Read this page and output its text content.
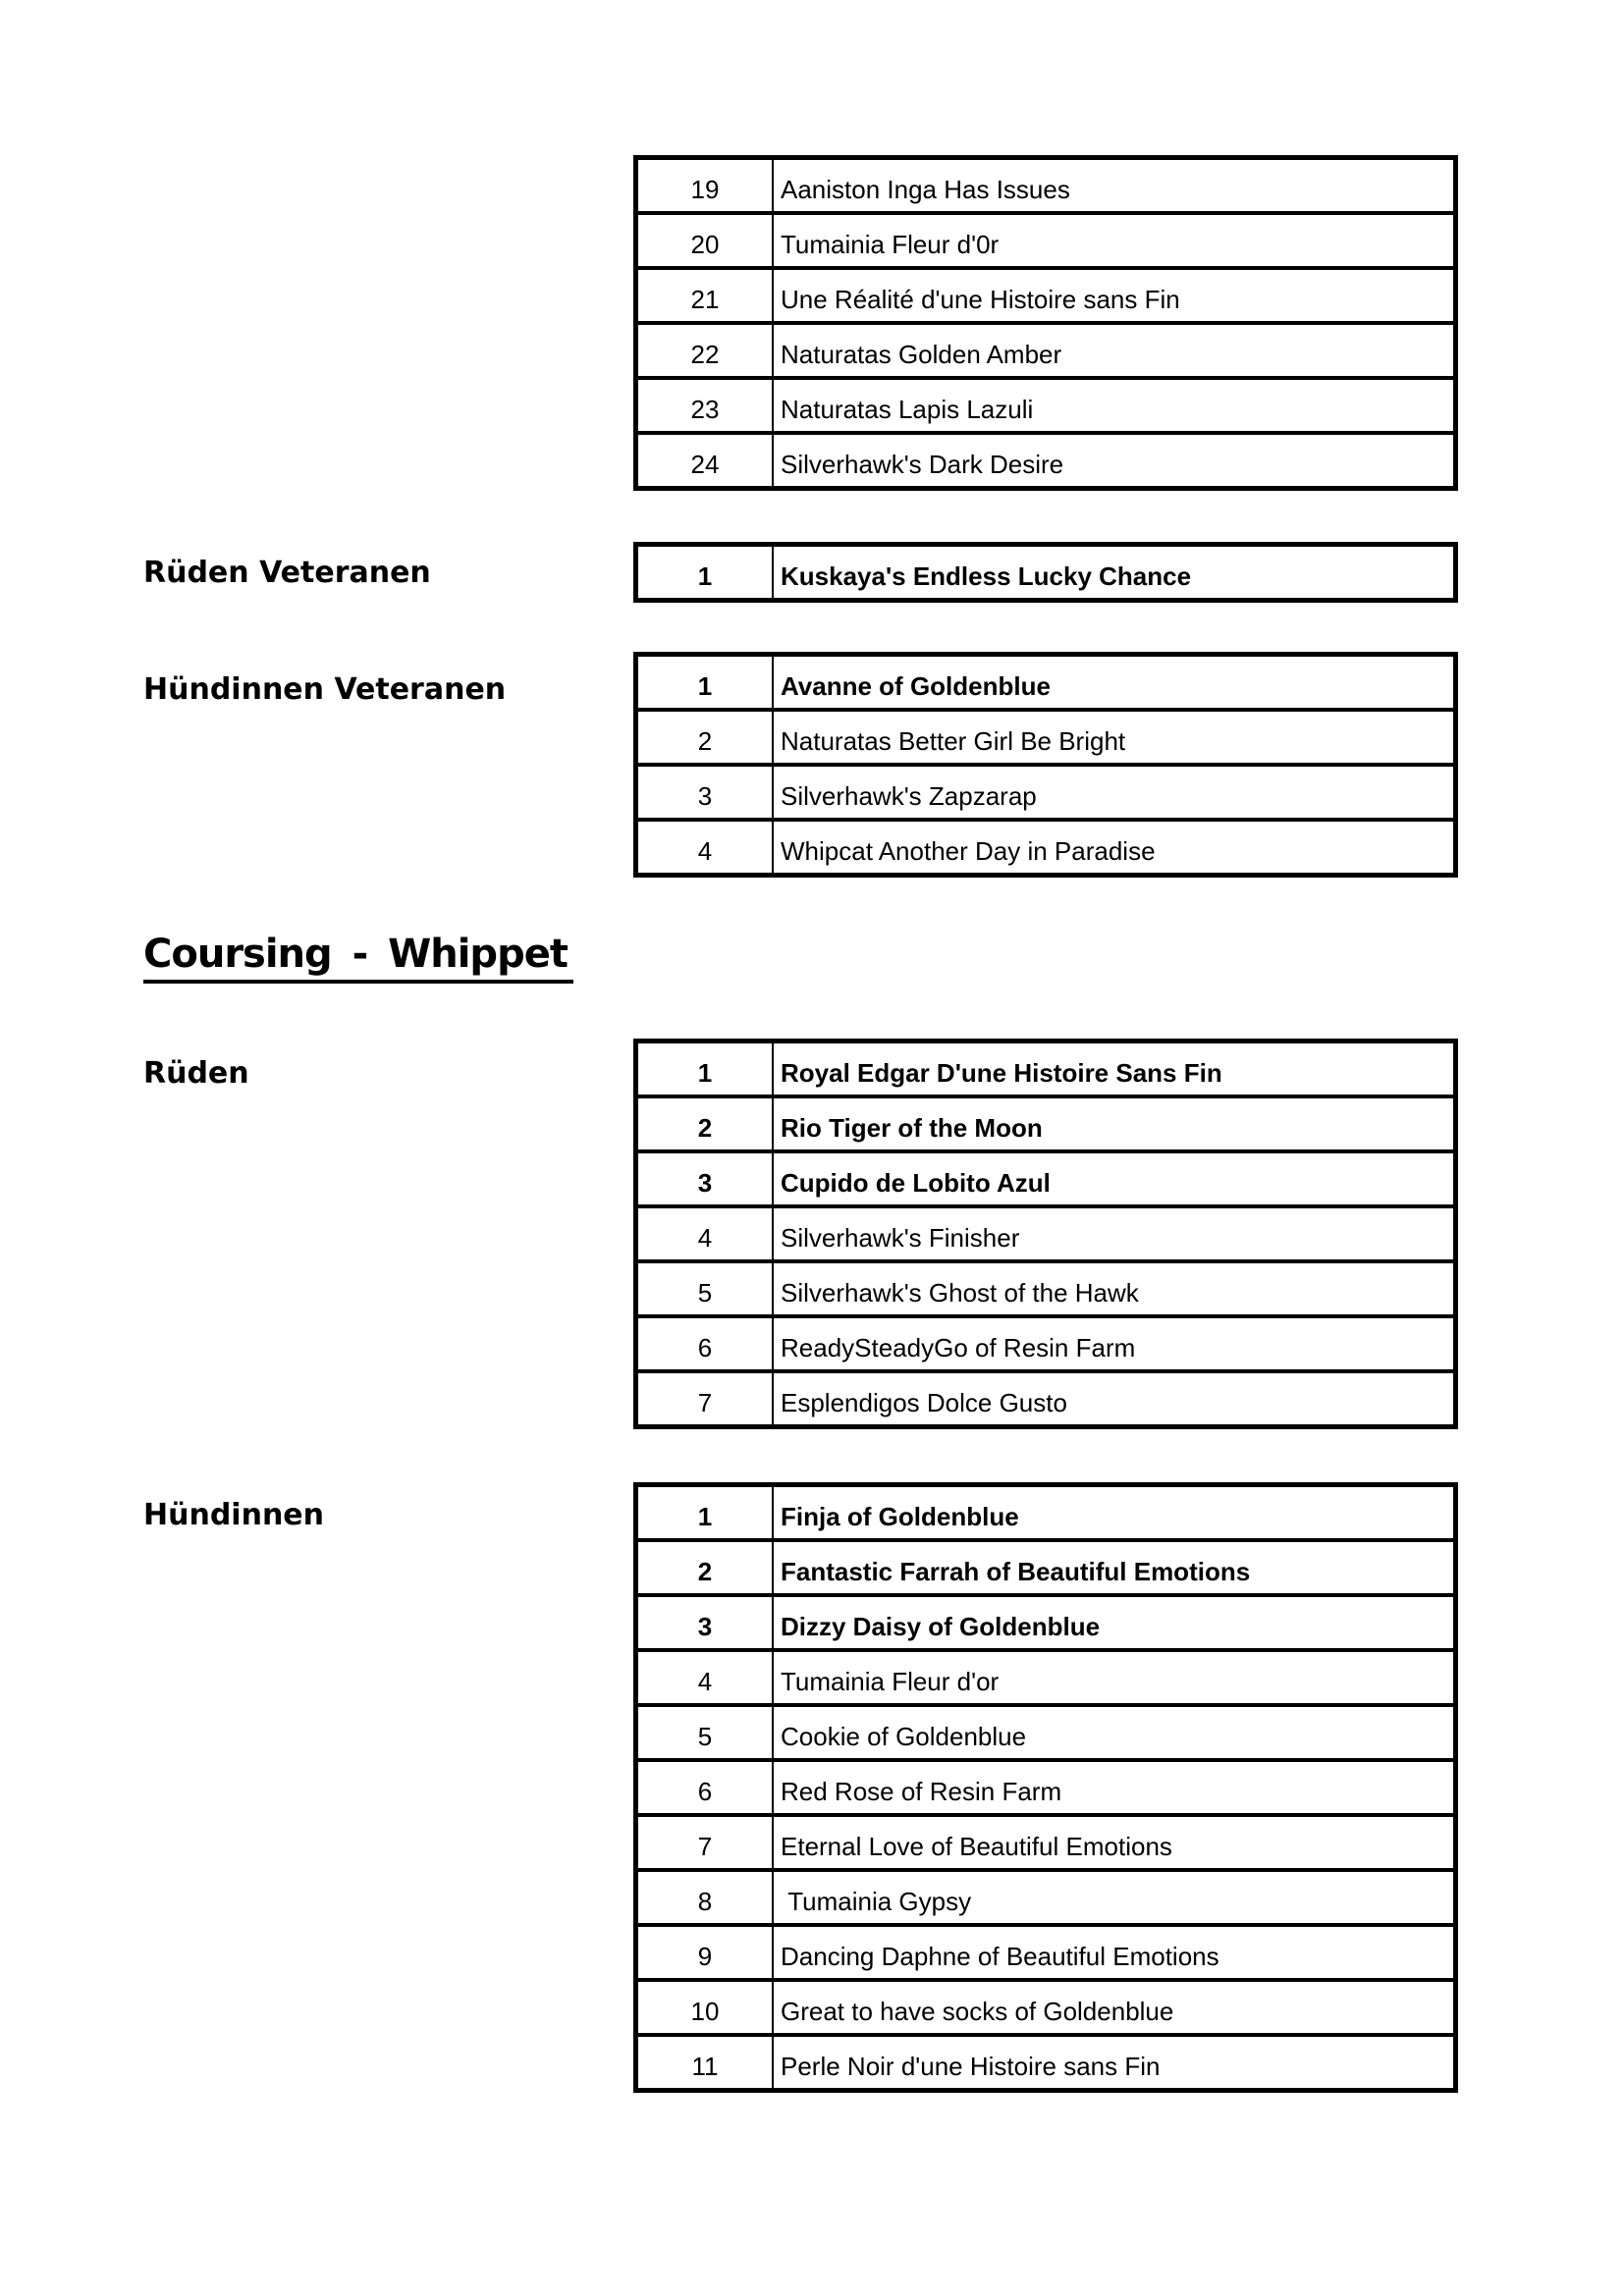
19	Aaniston Inga Has Issues
20	Tumainia Fleur d'0r
21	Une Réalité d'une Histoire sans Fin
22	Naturatas Golden Amber
23	Naturatas Lapis Lazuli
24	Silverhawk's Dark Desire
Rüden Veteranen	1	Kuskaya's Endless Lucky Chance
Hündinnen Veteranen	1	Avanne of Goldenblue
2	Naturatas Better Girl Be Bright
3	Silverhawk's Zapzarap
4	Whipcat Another Day in Paradise
Coursing - Whippet
Rüden	1	Royal Edgar D'une Histoire Sans Fin
2	Rio Tiger of the Moon
3	Cupido de Lobito Azul
4	Silverhawk's Finisher
5	Silverhawk's Ghost of the Hawk
6	ReadySteadyGo of Resin Farm
7	Esplendigos Dolce Gusto
Hündinnen	1	Finja of Goldenblue
2	Fantastic Farrah of Beautiful Emotions
3	Dizzy Daisy of Goldenblue
4	Tumainia Fleur d'or
5	Cookie of Goldenblue
6	Red Rose of Resin Farm
7	Eternal Love of Beautiful Emotions
8	Tumainia Gypsy
9	Dancing Daphne of Beautiful Emotions
10	Great to have socks of Goldenblue
11	Perle Noir d'une Histoire sans Fin
